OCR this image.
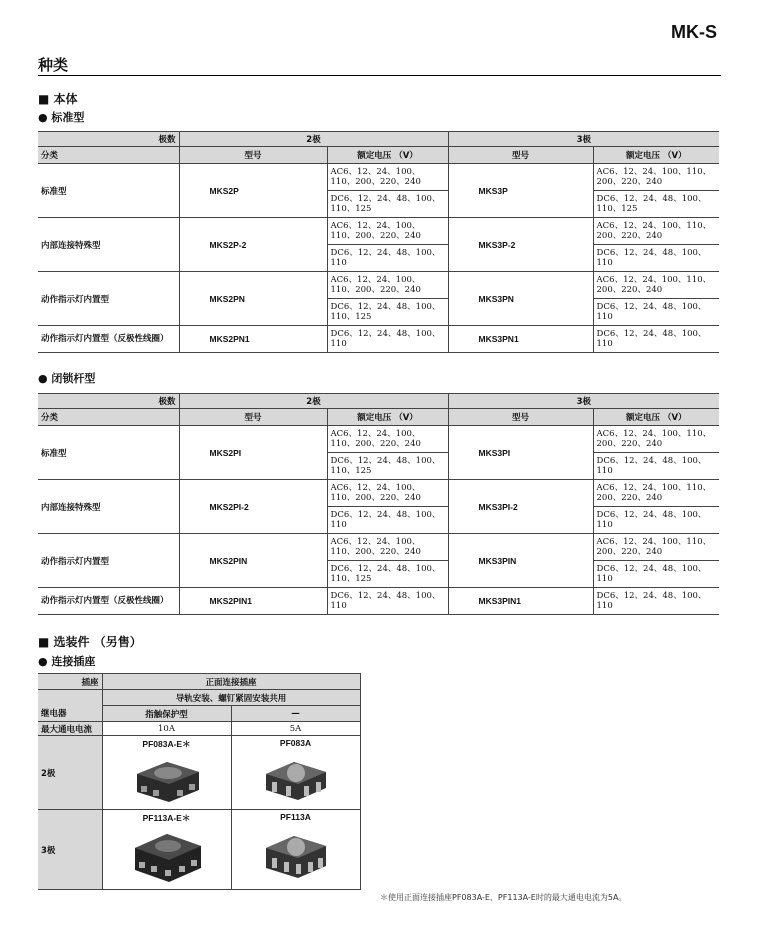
MK-S
种类
■ 本体
● 标准型
极数	2极		3极	
分类	型号	额定电压 （V）	型号	额定电压 （V）
标准型	MKS2P	AC6、12、24、100、110、200、220、240	MKS3P	AC6、12、24、100、110、200、220、240
		DC6、12、24、48、100、110、125		DC6、12、24、48、100、110、125
内部连接特殊型	MKS2P-2	AC6、12、24、100、110、200、220、240	MKS3P-2	AC6、12、24、100、110、200、220、240
		DC6、12、24、48、100、110		DC6、12、24、48、100、110
动作指示灯内置型	MKS2PN	AC6、12、24、100、110、200、220、240	MKS3PN	AC6、12、24、100、110、200、220、240
		DC6、12、24、48、100、110、125		DC6、12、24、48、100、110
动作指示灯内置型（反极性线圈）	MKS2PN1	DC6、12、24、48、100、110	MKS3PN1	DC6、12、24、48、100、110
● 闭锁杆型
极数	2极		3极	
分类	型号	额定电压 （V）	型号	额定电压 （V）
标准型	MKS2PI	AC6、12、24、100、110、200、220、240	MKS3PI	AC6、12、24、100、110、200、220、240
		DC6、12、24、48、100、110、125		DC6、12、24、48、100、110
内部连接特殊型	MKS2PI-2	AC6、12、24、100、110、200、220、240	MKS3PI-2	AC6、12、24、100、110、200、220、240
		DC6、12、24、48、100、110		DC6、12、24、48、100、110
动作指示灯内置型	MKS2PIN	AC6、12、24、100、110、200、220、240	MKS3PIN	AC6、12、24、100、110、200、220、240
		DC6、12、24、48、100、110、125		DC6、12、24、48、100、110
动作指示灯内置型（反极性线圈）	MKS2PIN1	DC6、12、24、48、100、110	MKS3PIN1	DC6、12、24、48、100、110
■ 选装件 （另售）
● 连接插座
插座	正面连接插座	
	导轨安装、螺钉紧固安装共用	
继电器	指触保护型	—
最大通电电流	10A	5A
2极	PF083A-E＊	PF083A

3极	PF113A-E＊	PF113A
＊使用正面连接插座PF083A-E、PF113A-E时的最大通电电流为5A。
